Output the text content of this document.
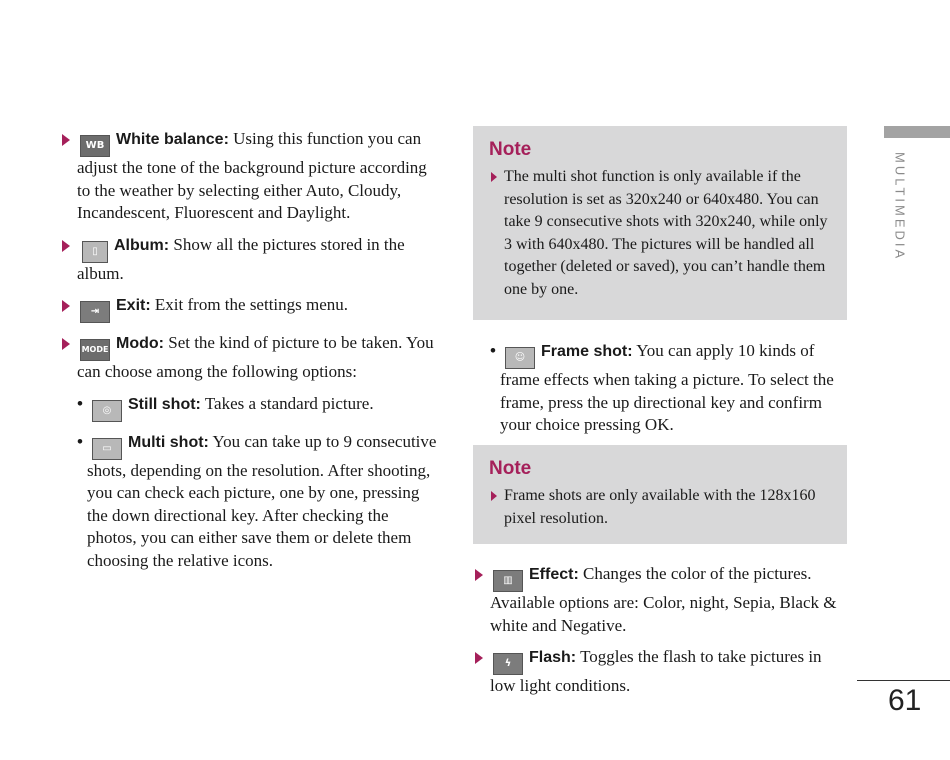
WB White balance: Using this function you can adjust the tone of the background picture according to the weather by selecting either Auto, Cloudy, Incandescent, Fluorescent and Daylight.
▯ Album: Show all the pictures stored in the album.
⇥ Exit: Exit from the settings menu.
MODE Modo: Set the kind of picture to be taken. You can choose among the following options:
• ◎ Still shot: Takes a standard picture.
• ▭ Multi shot: You can take up to 9 consecutive shots, depending on the resolution. After shooting, you can check each picture, one by one, pressing the down directional key. After checking the photos, you can either save them or delete them choosing the relative icons.
Note
The multi shot function is only available if the resolution is set as 320x240 or 640x480. You can take 9 consecutive shots with 320x240, while only 3 with 640x480. The pictures will be handled all together (deleted or saved), you can’t handle them one by one.
• ☺ Frame shot: You can apply 10 kinds of frame effects when taking a picture. To select the frame, press the up directional key and confirm your choice pressing OK.
Note
Frame shots are only available with the 128x160 pixel resolution.
▥ Effect: Changes the color of the pictures. Available options are: Color, night, Sepia, Black & white and Negative.
ϟ Flash: Toggles the flash to take pictures in low light conditions.
MULTIMEDIA
61
